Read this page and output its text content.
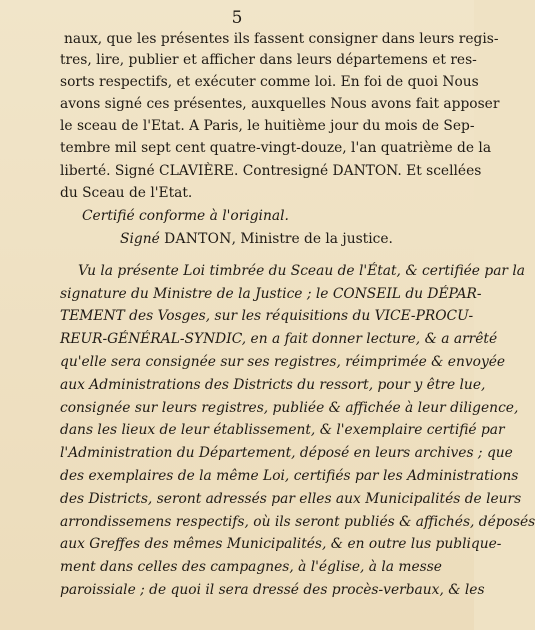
5
naux, que les présentes ils fassent consigner dans leurs regis-
tres, lire, publier et afficher dans leurs départemens et res-
sorts respectifs, et exécuter comme loi. En foi de quoi Nous
avons signé ces présentes, auxquelles Nous avons fait apposer
le sceau de l'Etat. A Paris, le huitième jour du mois de Sep-
tembre mil sept cent quatre-vingt-douze, l'an quatrième de la
liberté. Signé CLAVIÈRE. Contresigné DANTON. Et scellées
du Sceau de l'Etat.
Certifié conforme à l'original.
Signé DANTON, Ministre de la justice.
Vu la présente Loi timbrée du Sceau de l'État, & certifiée par la
signature du Ministre de la Justice ; le CONSEIL du DÉPAR-
TEMENT des Vosges, sur les réquisitions du VICE-PROCU-
REUR-GÉNÉRAL-SYNDIC, en a fait donner lecture, & a arrêté
qu'elle sera consignée sur ses registres, réimprimée & envoyée
aux Administrations des Districts du ressort, pour y être lue,
consignée sur leurs registres, publiée & affichée à leur diligence,
dans les lieux de leur établissement, & l'exemplaire certifié par
l'Administration du Département, déposé en leurs archives ; que
des exemplaires de la même Loi, certifiés par les Administrations
des Districts, seront adressés par elles aux Municipalités de leurs
arrondissemens respectifs, où ils seront publiés & affichés, déposés
aux Greffes des mêmes Municipalités, & en outre lus publique-
ment dans celles des campagnes, à l'église, à la messe
paroissiale ; de quoi il sera dressé des procès-verbaux, & les
